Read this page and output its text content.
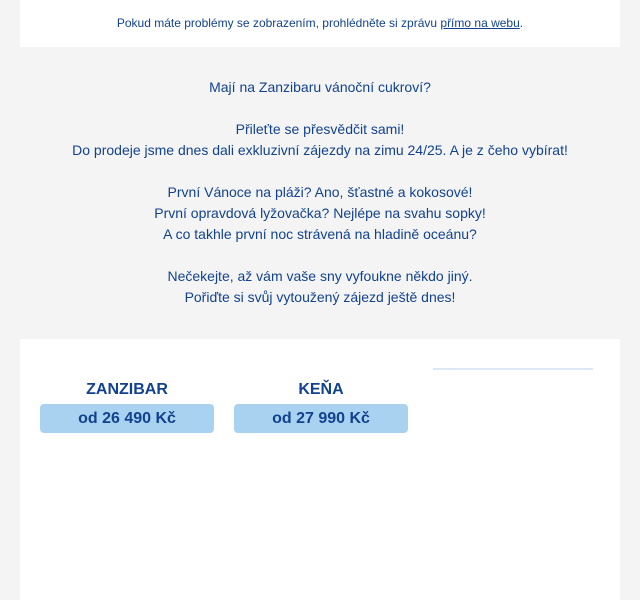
Pokud máte problémy se zobrazením, prohlédněte si zprávu přímo na webu.

Mají na Zanzibaru vánoční cukroví?

Přileťte se přesvědčit sami!

Do prodeje jsme dnes dali exkluzivní zájezdy na zimu 24/25. A je z čeho vybírat!

První Vánoce na pláži? Ano, šťastné a kokosové!

První opravdová lyžovačka? Nejlépe na svahu sopky!

A co takhle první noc strávená na hladině oceánu?

Nečekejte, až vám vaše sny vyfoukne někdo jiný.

Pořiďte si svůj vytoužený zájezd ještě dnes!

ZANZIBAR
od 26 490 Kč
KEŇA
od 27 990 Kč
